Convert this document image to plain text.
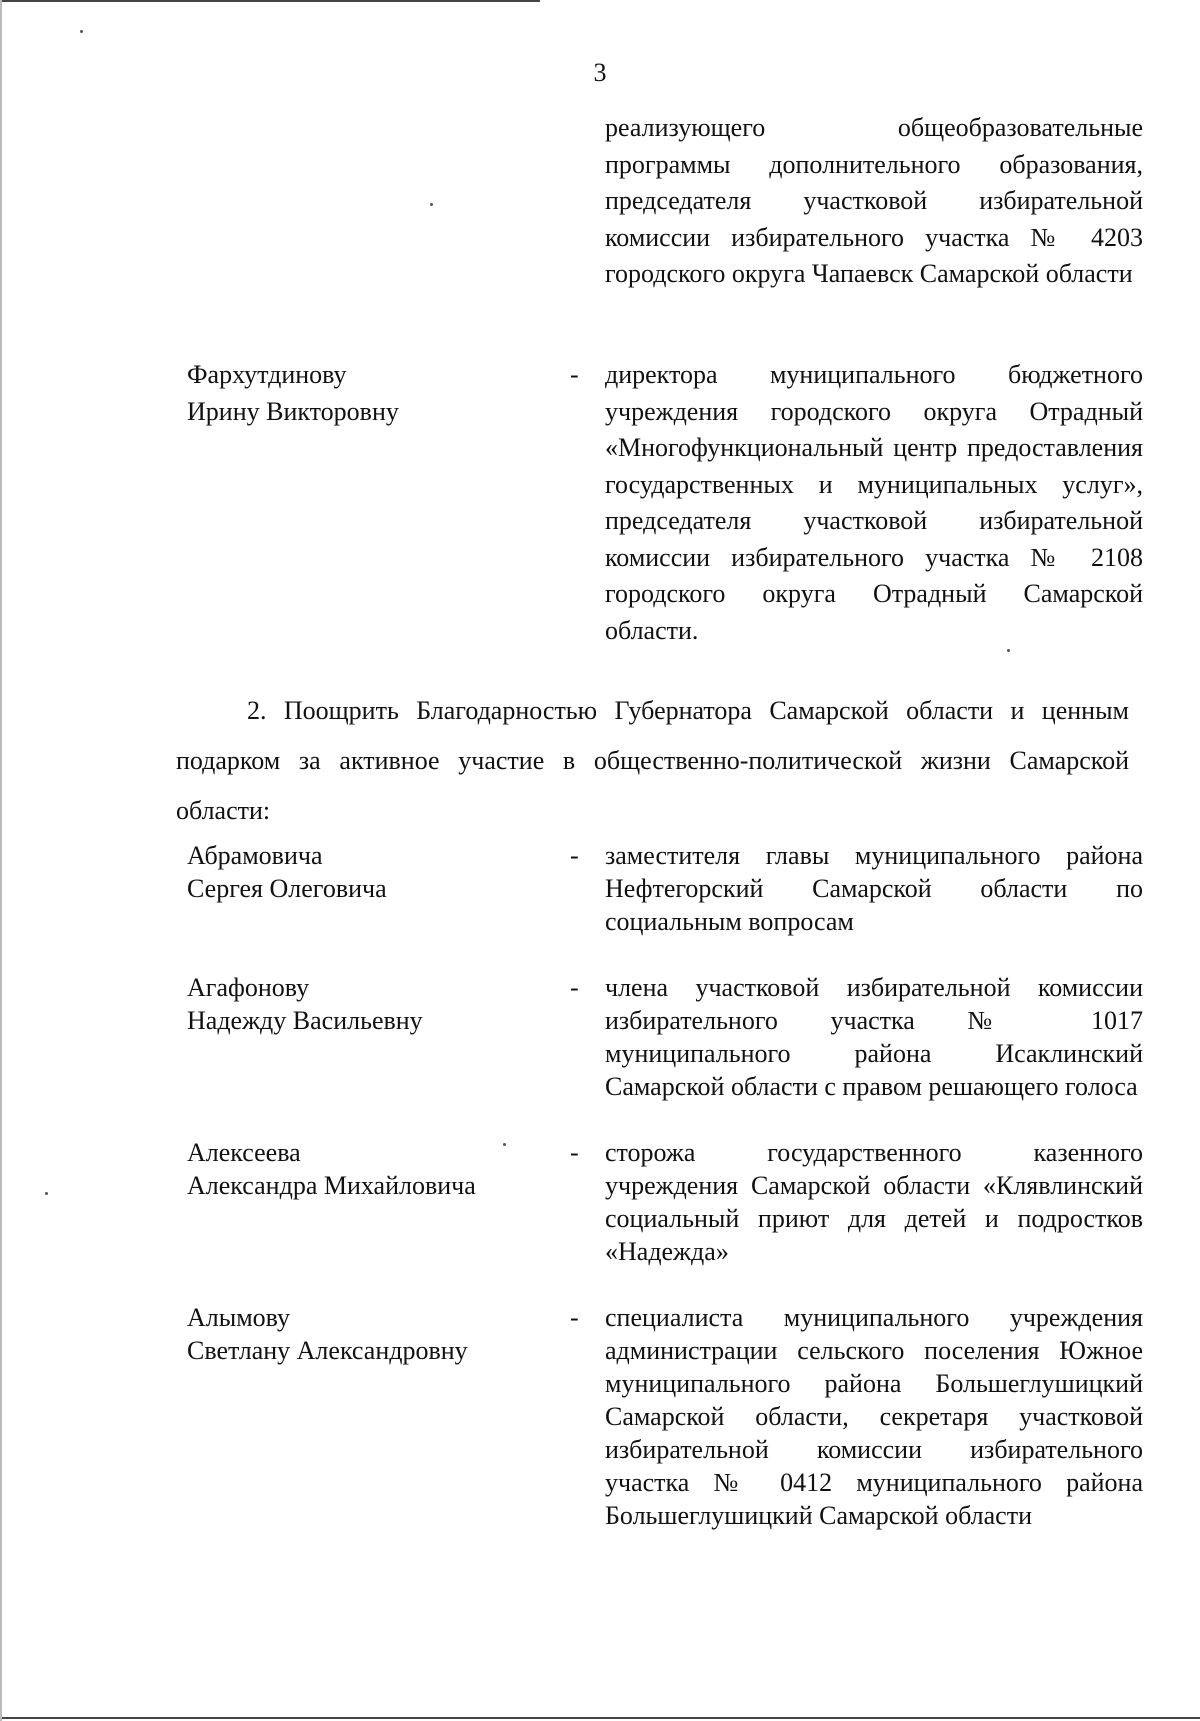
3
реализующего общеобразовательные программы дополнительного образования, председателя участковой избирательной комиссии избирательного участка № 4203 городского округа Чапаевск Самарской области
Фархутдинову
Ирину Викторовну
- директора муниципального бюджетного учреждения городского округа Отрадный «Многофункциональный центр предоставления государственных и муниципальных услуг», председателя участковой избирательной комиссии избирательного участка № 2108 городского округа Отрадный Самарской области.
2. Поощрить Благодарностью Губернатора Самарской области и ценным подарком за активное участие в общественно-политической жизни Самарской области:
Абрамовича
Сергея Олеговича
- заместителя главы муниципального района Нефтегорский Самарской области по социальным вопросам
Агафонову
Надежду Васильевну
- члена участковой избирательной комиссии избирательного участка № 1017 муниципального района Исаклинский Самарской области с правом решающего голоса
Алексеева
Александра Михайловича
- сторожа государственного казенного учреждения Самарской области «Клявлинский социальный приют для детей и подростков «Надежда»
Алымову
Светлану Александровну
- специалиста муниципального учреждения администрации сельского поселения Южное муниципального района Большеглушицкий Самарской области, секретаря участковой избирательной комиссии избирательного участка № 0412 муниципального района Большеглушицкий Самарской области
